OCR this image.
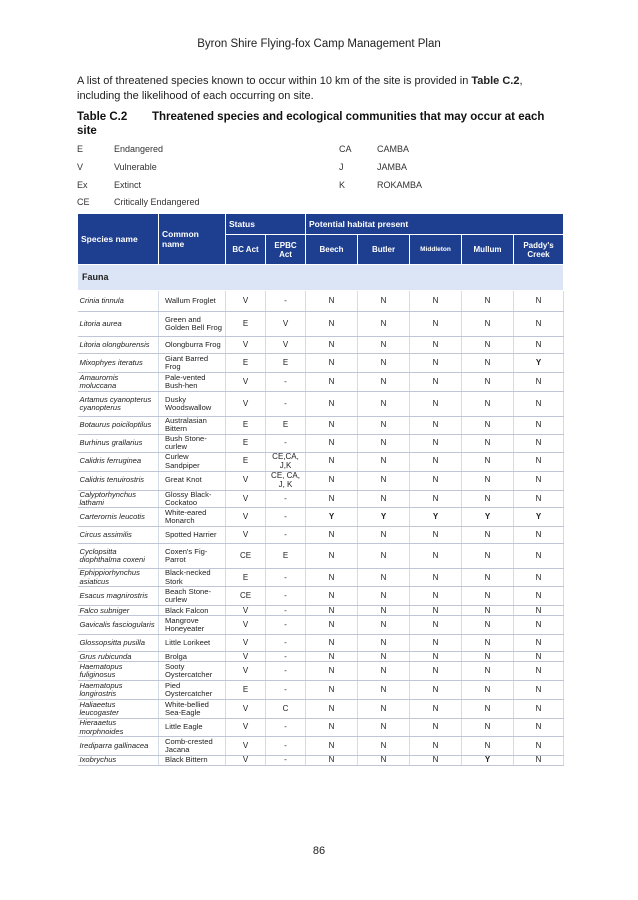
Byron Shire Flying-fox Camp Management Plan
A list of threatened species known to occur within 10 km of the site is provided in Table C.2, including the likelihood of each occurring on site.
Table C.2 Threatened species and ecological communities that may occur at each site
E	Endangered	CA	CAMBA
V	Vulnerable	J	JAMBA
Ex	Extinct	K	ROKAMBA
CE	Critically Endangered
Species name	Common name	Status		Potential habitat present				
		BC Act	EPBC Act	Beech	Butler	Middleton	Mullum	Paddy's Creek
Fauna								
Crinia tinnula	Wallum Froglet	V	-	N	N	N	N	N
Litoria aurea	Green and Golden Bell Frog	E	V	N	N	N	N	N
Litoria olongburensis	Olongburra Frog	V	V	N	N	N	N	N
Mixophyes iteratus	Giant Barred Frog	E	E	N	N	N	N	Y
Amaurornis moluccana	Pale-vented Bush-hen	V	-	N	N	N	N	N
Artamus cyanopterus cyanopterus	Dusky Woodswallow	V	-	N	N	N	N	N
Botaurus poiciloptilus	Australasian Bittern	E	E	N	N	N	N	N
Burhinus grallarius	Bush Stone-curlew	E	-	N	N	N	N	N
Calidris ferruginea	Curlew Sandpiper	E	CE,CA, J,K	N	N	N	N	N
Calidris tenuirostris	Great Knot	V	CE, CA, J, K	N	N	N	N	N
Calyptorhynchus lathami	Glossy Black-Cockatoo	V	-	N	N	N	N	N
Carterornis leucotis	White-eared Monarch	V	-	Y	Y	Y	Y	Y
Circus assimilis	Spotted Harrier	V	-	N	N	N	N	N
Cyclopsitta diophthalma coxeni	Coxen's Fig-Parrot	CE	E	N	N	N	N	N
Ephippiorhynchus asiaticus	Black-necked Stork	E	-	N	N	N	N	N
Esacus magnirostris	Beach Stone-curlew	CE	-	N	N	N	N	N
Falco subniger	Black Falcon	V	-	N	N	N	N	N
Gavicalis fasciogularis	Mangrove Honeyeater	V	-	N	N	N	N	N
Glossopsitta pusilla	Little Lorikeet	V	-	N	N	N	N	N
Grus rubicunda	Brolga	V	-	N	N	N	N	N
Haematopus fuliginosus	Sooty Oystercatcher	V	-	N	N	N	N	N
Haematopus longirostris	Pied Oystercatcher	E	-	N	N	N	N	N
Haliaeetus leucogaster	White-bellied Sea-Eagle	V	C	N	N	N	N	N
Hieraaetus morphnoides	Little Eagle	V	-	N	N	N	N	N
Irediparra gallinacea	Comb-crested Jacana	V	-	N	N	N	N	N
Ixobrychus	Black Bittern	V	-	N	N	N	Y	N
86
